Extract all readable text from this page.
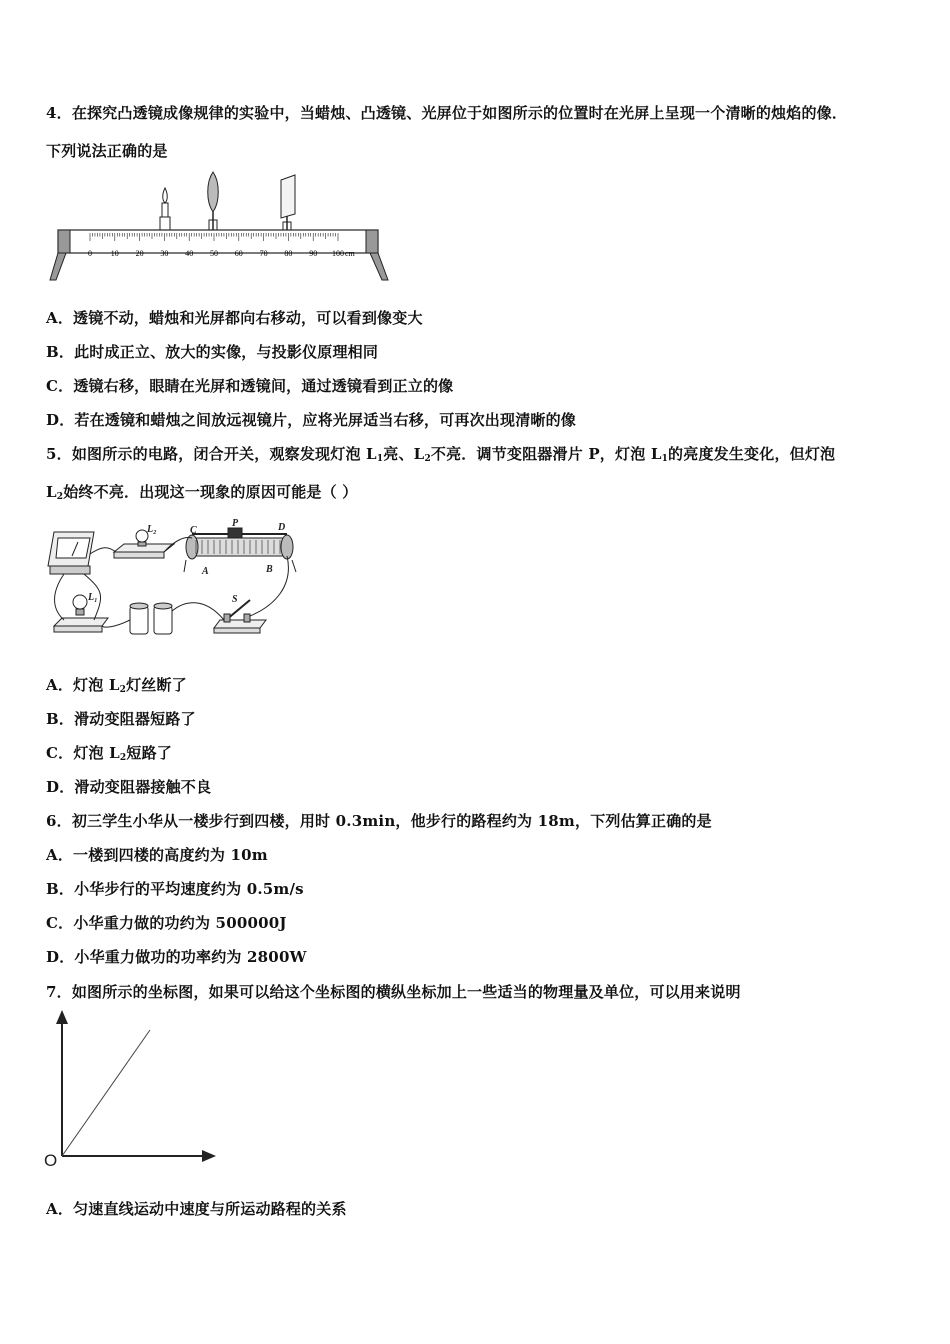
4．在探究凸透镜成像规律的实验中，当蜡烛、凸透镜、光屏位于如图所示的位置时在光屏上呈现一个清晰的烛焰的像．
下列说法正确的是
0 10 20 30 40 50 60 70 80 90 100 cm
A．透镜不动，蜡烛和光屏都向右移动，可以看到像变大
B．此时成正立、放大的实像，与投影仪原理相同
C．透镜右移，眼睛在光屏和透镜间，通过透镜看到正立的像
D．若在透镜和蜡烛之间放远视镜片，应将光屏适当右移，可再次出现清晰的像
5．如图所示的电路，闭合开关，观察发现灯泡 $L_1$亮、$L_2$不亮．调节变阻器滑片 P，灯泡 $L_1$的亮度发生变化，但灯泡
$L_2$始终不亮．出现这一现象的原因可能是（ ）
L₂	C
P	D
A	B
L₁	S
A．灯泡 $L_2$灯丝断了
B．滑动变阻器短路了
C．灯泡 $L_2$短路了
D．滑动变阻器接触不良
6．初三学生小华从一楼步行到四楼，用时 0.3min，他步行的路程约为 18m，下列估算正确的是
A．一楼到四楼的高度约为 10m
B．小华步行的平均速度约为 0.5m/s
C．小华重力做的功约为 500000J
D．小华重力做功的功率约为 2800W
7．如图所示的坐标图，如果可以给这个坐标图的横纵坐标加上一些适当的物理量及单位，可以用来说明
O
A．匀速直线运动中速度与所运动路程的关系
